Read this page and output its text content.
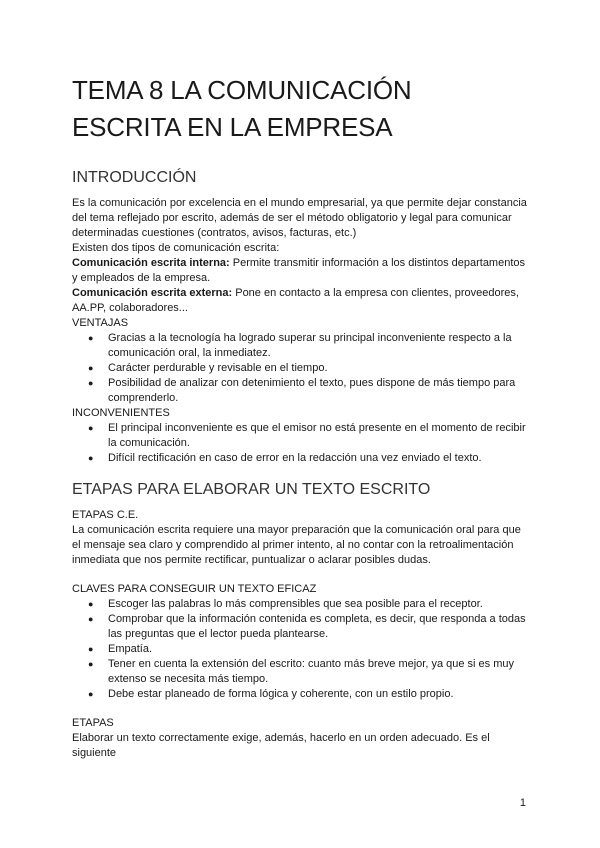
TEMA 8 LA COMUNICACIÓN
ESCRITA EN LA EMPRESA
INTRODUCCIÓN

Es la comunicación por excelencia en el mundo empresarial, ya que permite dejar constancia del tema reflejado por escrito, además de ser el método obligatorio y legal para comunicar determinadas cuestiones (contratos, avisos, facturas, etc.)

Existen dos tipos de comunicación escrita:

Comunicación escrita interna: Permite transmitir información a los distintos departamentos y empleados de la empresa.

Comunicación escrita externa: Pone en contacto a la empresa con clientes, proveedores, AA.PP, colaboradores...

VENTAJAS

● Gracias a la tecnología ha logrado superar su principal inconveniente respecto a la comunicación oral, la inmediatez.
● Carácter perdurable y revisable en el tiempo.
● Posibilidad de analizar con detenimiento el texto, pues dispone de más tiempo para comprenderlo.

INCONVENIENTES

● El principal inconveniente es que el emisor no está presente en el momento de recibir la comunicación.
● Difícil rectificación en caso de error en la redacción una vez enviado el texto.
ETAPAS PARA ELABORAR UN TEXTO ESCRITO

ETAPAS C.E.

La comunicación escrita requiere una mayor preparación que la comunicación oral para que el mensaje sea claro y comprendido al primer intento, al no contar con la retroalimentación inmediata que nos permite rectificar, puntualizar o aclarar posibles dudas.

CLAVES PARA CONSEGUIR UN TEXTO EFICAZ

● Escoger las palabras lo más comprensibles que sea posible para el receptor.
● Comprobar que la información contenida es completa, es decir, que responda a todas las preguntas que el lector pueda plantearse.
● Empatía.
● Tener en cuenta la extensión del escrito: cuanto más breve mejor, ya que si es muy extenso se necesita más tiempo.
● Debe estar planeado de forma lógica y coherente, con un estilo propio.

ETAPAS

Elaborar un texto correctamente exige, además, hacerlo en un orden adecuado. Es el siguiente

1
